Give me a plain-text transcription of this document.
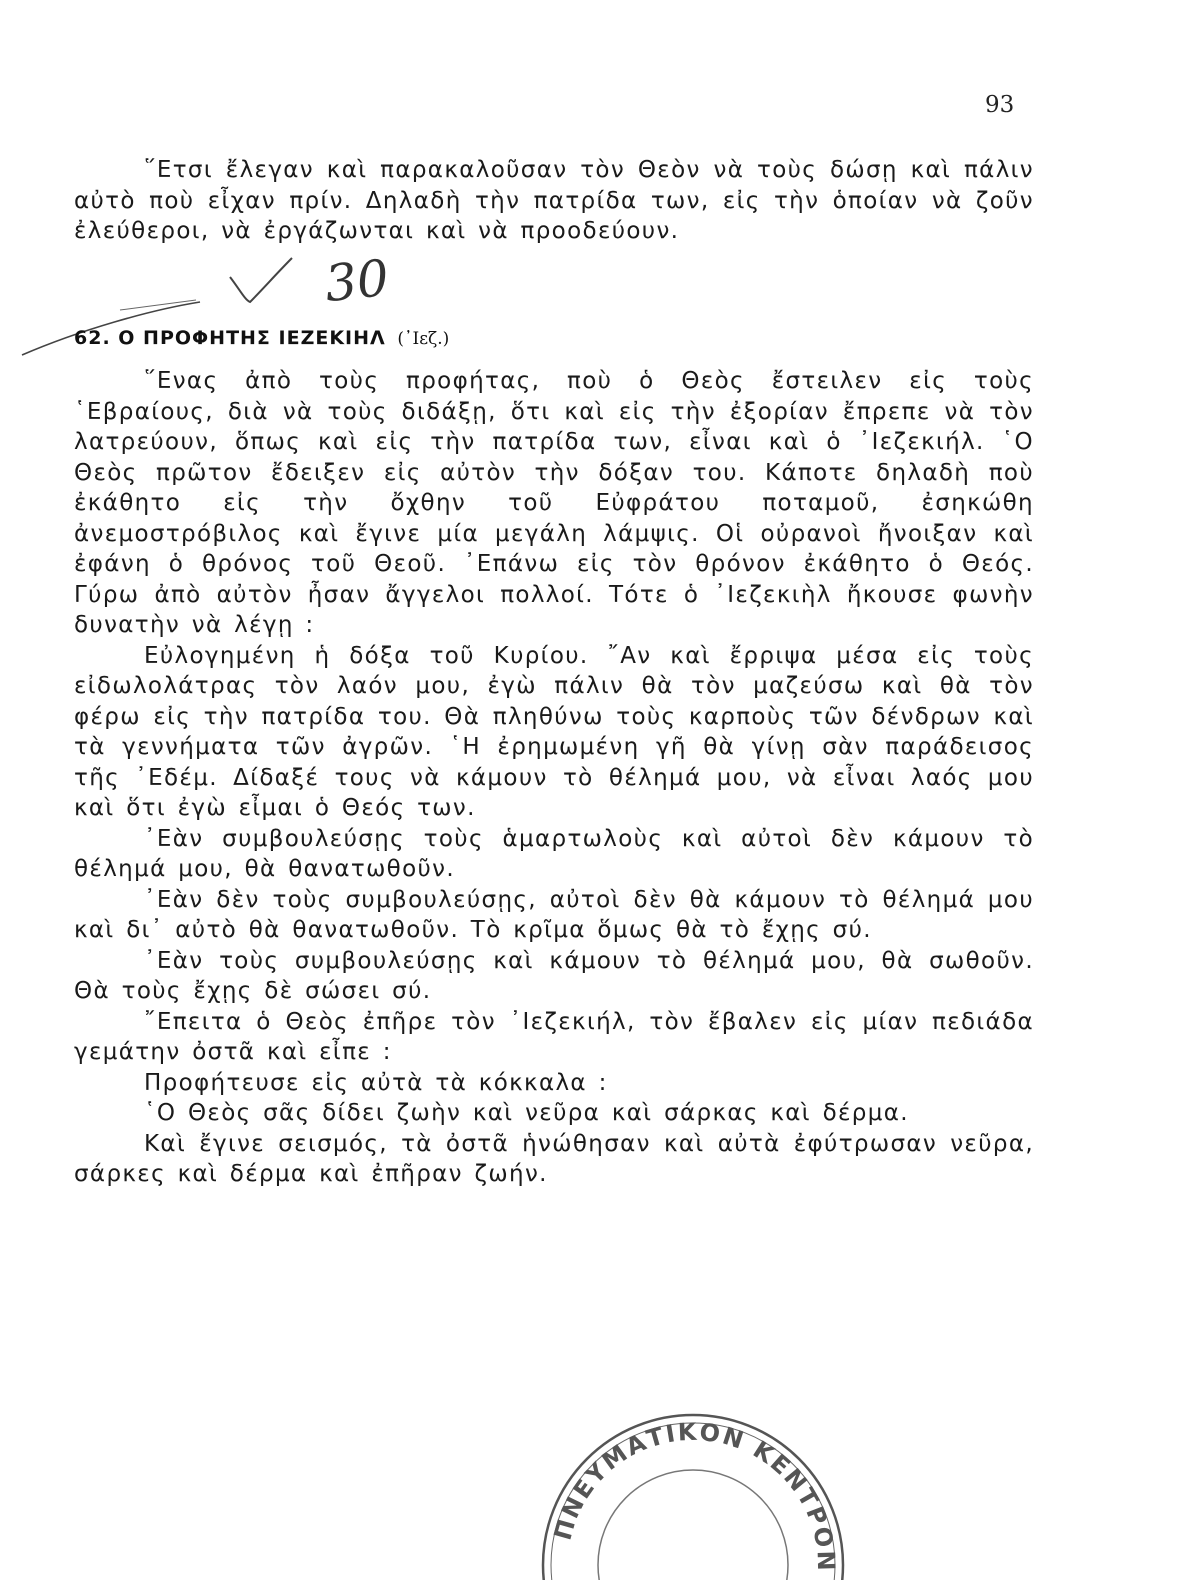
93

῞Ετσι ἔλεγαν καὶ παρακαλοῦσαν τὸν Θεὸν νὰ τοὺς δώσῃ καὶ πάλιν αὐτὸ ποὺ εἶχαν πρίν. Δηλαδὴ τὴν πατρίδα των, εἰς τὴν ὁποίαν νὰ ζοῦν ἐλεύθεροι, νὰ ἐργάζωνται καὶ νὰ προοδεύουν.

30
62. Ο ΠΡΟΦΗΤΗΣ ΙΕΖΕΚΙΗΛ (᾿Ιεζ.)

῞Ενας ἀπὸ τοὺς προφήτας, ποὺ ὁ Θεὸς ἔστειλεν εἰς τοὺς ῾Εβραίους, διὰ νὰ τοὺς διδάξῃ, ὅτι καὶ εἰς τὴν ἐξορίαν ἔπρεπε νὰ τὸν λατρεύουν, ὅπως καὶ εἰς τὴν πατρίδα των, εἶναι καὶ ὁ ᾿Ιεζεκιήλ. ῾Ο Θεὸς πρῶτον ἔδειξεν εἰς αὐτὸν τὴν δόξαν του. Κάποτε δηλαδὴ ποὺ ἐκάθητο εἰς τὴν ὄχθην τοῦ Εὐφράτου ποταμοῦ, ἐσηκώθη ἀνεμοστρόβιλος καὶ ἔγινε μία μεγάλη λάμψις. Οἱ οὐρανοὶ ἤνοιξαν καὶ ἐφάνη ὁ θρόνος τοῦ Θεοῦ. ᾿Επάνω εἰς τὸν θρόνον ἐκάθητο ὁ Θεός. Γύρω ἀπὸ αὐτὸν ἦσαν ἄγγελοι πολλοί. Τότε ὁ ᾿Ιεζεκιὴλ ἤκουσε φωνὴν δυνατὴν νὰ λέγῃ :

Εὐλογημένη ἡ δόξα τοῦ Κυρίου. ῎Αν καὶ ἔρριψα μέσα εἰς τοὺς εἰδωλολάτρας τὸν λαόν μου, ἐγὼ πάλιν θὰ τὸν μαζεύσω καὶ θὰ τὸν φέρω εἰς τὴν πατρίδα του. Θὰ πληθύνω τοὺς καρποὺς τῶν δένδρων καὶ τὰ γεννήματα τῶν ἀγρῶν. ῾Η ἐρημωμένη γῆ θὰ γίνῃ σὰν παράδεισος τῆς ᾿Εδέμ. Δίδαξέ τους νὰ κάμουν τὸ θέλημά μου, νὰ εἶναι λαός μου καὶ ὅτι ἐγὼ εἶμαι ὁ Θεός των.

᾿Εὰν συμβουλεύσῃς τοὺς ἁμαρτωλοὺς καὶ αὐτοὶ δὲν κάμουν τὸ θέλημά μου, θὰ θανατωθοῦν.

᾿Εὰν δὲν τοὺς συμβουλεύσῃς, αὐτοὶ δὲν θὰ κάμουν τὸ θέλημά μου καὶ δι᾿ αὐτὸ θὰ θανατωθοῦν. Τὸ κρῖμα ὅμως θὰ τὸ ἔχῃς σύ.

᾿Εὰν τοὺς συμβουλεύσῃς καὶ κάμουν τὸ θέλημά μου, θὰ σωθοῦν. Θὰ τοὺς ἔχῃς δὲ σώσει σύ.

῎Επειτα ὁ Θεὸς ἐπῆρε τὸν ᾿Ιεζεκιήλ, τὸν ἔβαλεν εἰς μίαν πεδιάδα γεμάτην ὀστᾶ καὶ εἶπε :

Προφήτευσε εἰς αὐτὰ τὰ κόκκαλα :

῾Ο Θεὸς σᾶς δίδει ζωὴν καὶ νεῦρα καὶ σάρκας καὶ δέρμα.

Καὶ ἔγινε σεισμός, τὰ ὀστᾶ ἡνώθησαν καὶ αὐτὰ ἐφύτρωσαν νεῦρα, σάρκες καὶ δέρμα καὶ ἐπῆραν ζωήν.

ΠΝΕΥΜΑΤΙΚΟΝ ΚΕΝΤΡΟΝ
